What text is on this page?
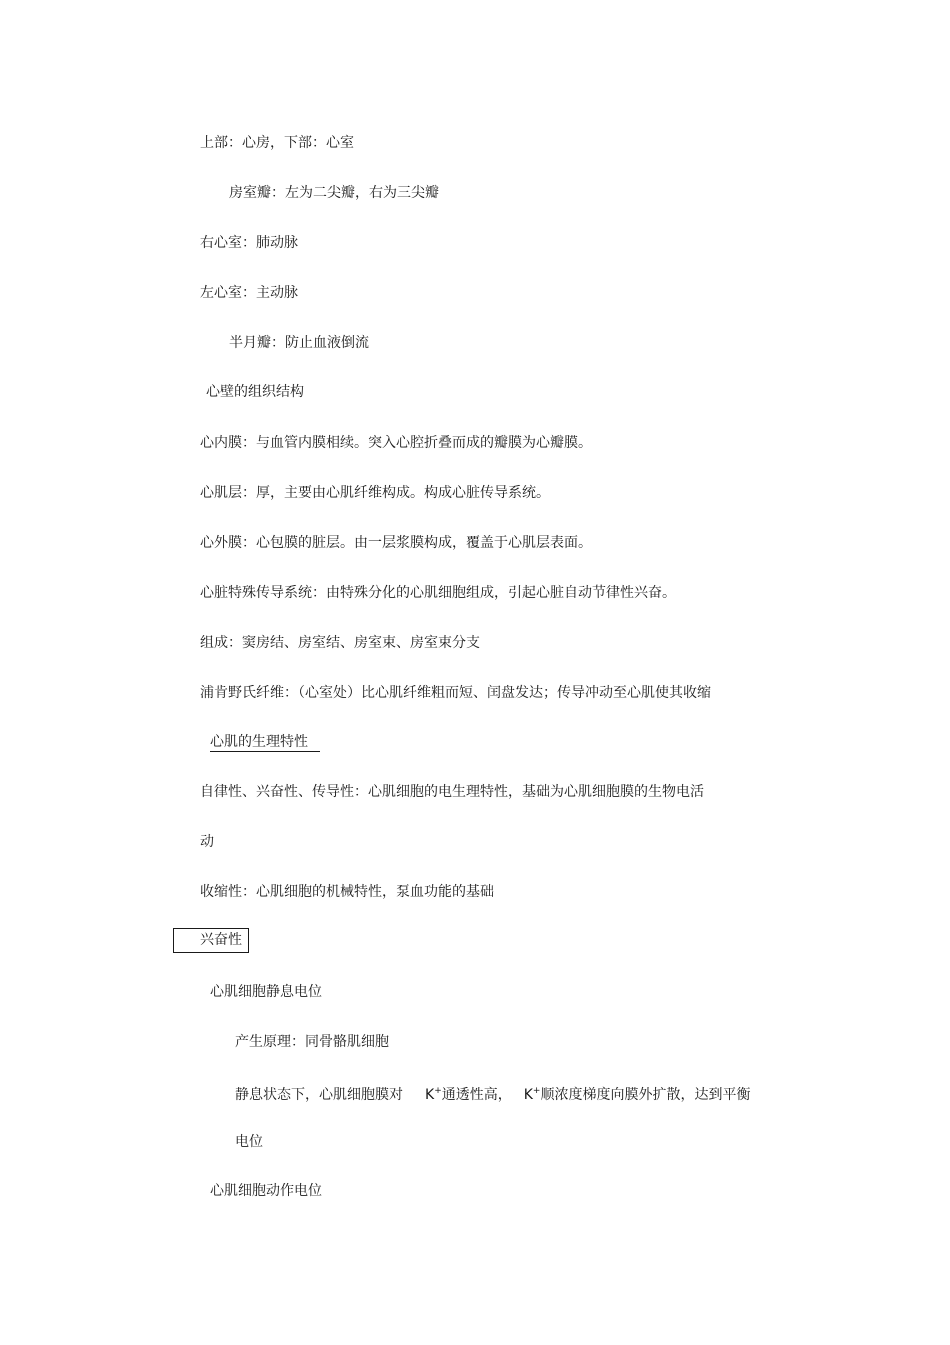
上部：心房，下部：心室
房室瓣：左为二尖瓣，右为三尖瓣
右心室：肺动脉
左心室：主动脉
半月瓣：防止血液倒流
心壁的组织结构
心内膜：与血管内膜相续。突入心腔折叠而成的瓣膜为心瓣膜。
心肌层：厚，主要由心肌纤维构成。构成心脏传导系统。
心外膜：心包膜的脏层。由一层浆膜构成，覆盖于心肌层表面。
心脏特殊传导系统：由特殊分化的心肌细胞组成，引起心脏自动节律性兴奋。
组成：窦房结、房室结、房室束、房室束分支
浦肯野氏纤维：（心室处）比心肌纤维粗而短、闰盘发达；传导冲动至心肌使其收缩
心肌的生理特性
自律性、兴奋性、传导性：心肌细胞的电生理特性，基础为心肌细胞膜的生物电活
动
收缩性：心肌细胞的机械特性，泵血功能的基础
兴奋性
心肌细胞静息电位
产生原理：同骨骼肌细胞
静息状态下，心肌细胞膜对 K+通透性高， K+顺浓度梯度向膜外扩散，达到平衡
电位
心肌细胞动作电位
